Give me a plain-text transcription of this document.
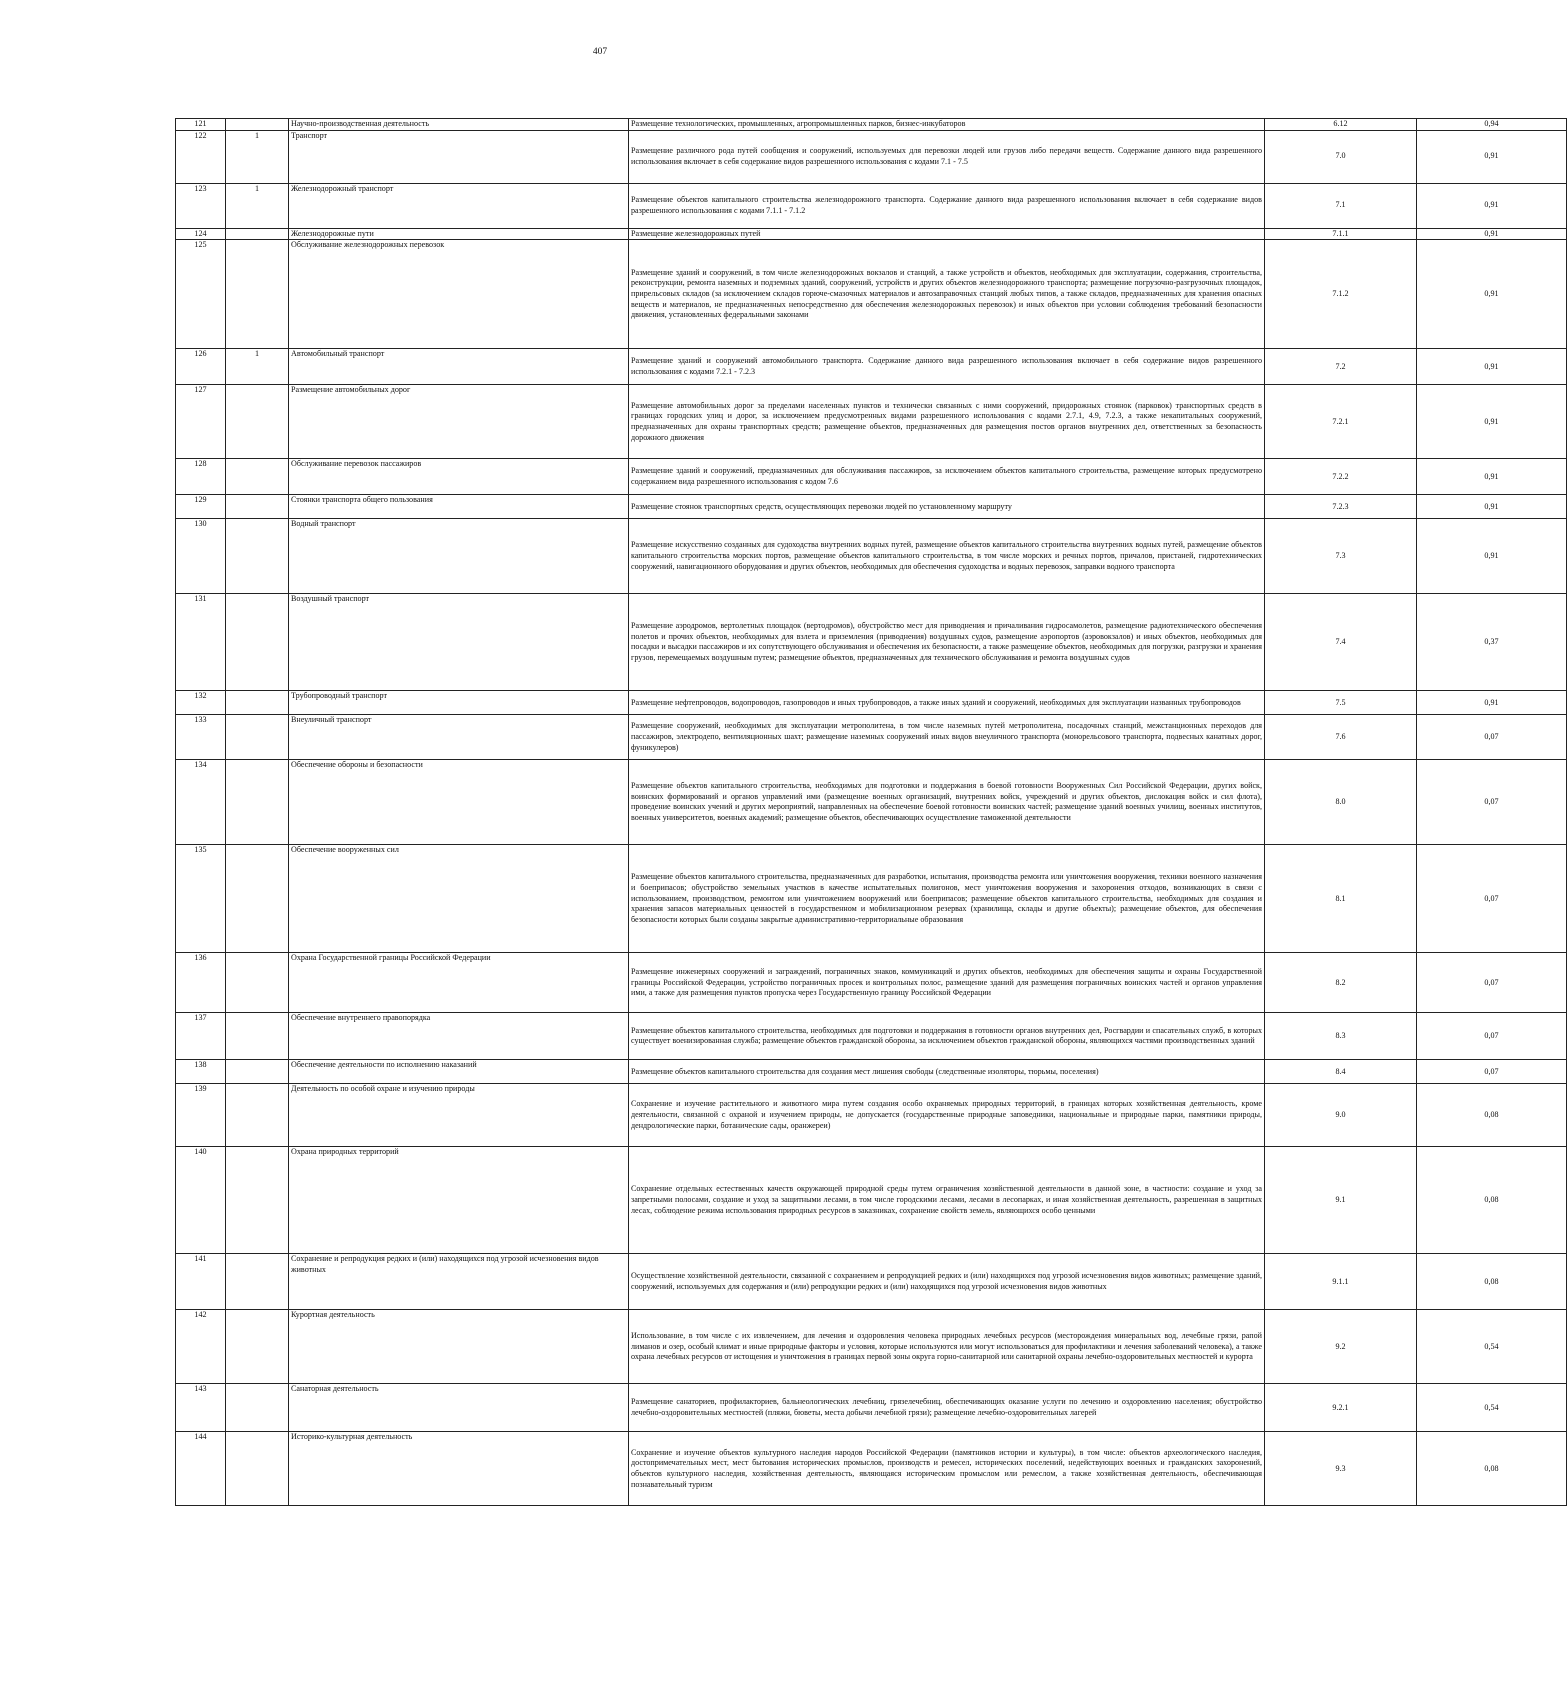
407
121		Научно-производственная деятельность	Размещение технологических, промышленных, агропромышленных парков, бизнес-инкубаторов	6.12	0,94
122	1	Транспорт	Размещение различного рода путей сообщения и сооружений, используемых для перевозки людей или грузов либо передачи веществ. Содержание данного вида разрешенного использования включает в себя содержание видов разрешенного использования с кодами 7.1 - 7.5	7.0	0,91
123	1	Железнодорожный транспорт	Размещение объектов капитального строительства железнодорожного транспорта. Содержание данного вида разрешенного использования включает в себя содержание видов разрешенного использования с кодами 7.1.1 - 7.1.2	7.1	0,91
124		Железнодорожные пути	Размещение железнодорожных путей	7.1.1	0,91
125		Обслуживание железнодорожных перевозок	Размещение зданий и сооружений, в том числе железнодорожных вокзалов и станций, а также устройств и объектов, необходимых для эксплуатации, содержания, строительства, реконструкции, ремонта наземных и подземных зданий, сооружений, устройств и других объектов железнодорожного транспорта; размещение погрузочно-разгрузочных площадок, прирельсовых складов (за исключением складов горюче-смазочных материалов и автозаправочных станций любых типов, а также складов, предназначенных для хранения опасных веществ и материалов, не предназначенных непосредственно для обеспечения железнодорожных перевозок) и иных объектов при условии соблюдения требований безопасности движения, установленных федеральными законами	7.1.2	0,91
126	1	Автомобильный транспорт	Размещение зданий и сооружений автомобильного транспорта. Содержание данного вида разрешенного использования включает в себя содержание видов разрешенного использования с кодами 7.2.1 - 7.2.3	7.2	0,91
127		Размещение автомобильных дорог	Размещение автомобильных дорог за пределами населенных пунктов и технически связанных с ними сооружений, придорожных стоянок (парковок) транспортных средств в границах городских улиц и дорог, за исключением предусмотренных видами разрешенного использования с кодами 2.7.1, 4.9, 7.2.3, а также некапитальных сооружений, предназначенных для охраны транспортных средств; размещение объектов, предназначенных для размещения постов органов внутренних дел, ответственных за безопасность дорожного движения	7.2.1	0,91
128		Обслуживание перевозок пассажиров	Размещение зданий и сооружений, предназначенных для обслуживания пассажиров, за исключением объектов капитального строительства, размещение которых предусмотрено содержанием вида разрешенного использования с кодом 7.6	7.2.2	0,91
129		Стоянки транспорта общего пользования	Размещение стоянок транспортных средств, осуществляющих перевозки людей по установленному маршруту	7.2.3	0,91
130		Водный транспорт	Размещение искусственно созданных для судоходства внутренних водных путей, размещение объектов капитального строительства внутренних водных путей, размещение объектов капитального строительства морских портов, размещение объектов капитального строительства, в том числе морских и речных портов, причалов, пристаней, гидротехнических сооружений, навигационного оборудования и других объектов, необходимых для обеспечения судоходства и водных перевозок, заправки водного транспорта	7.3	0,91
131		Воздушный транспорт	Размещение аэродромов, вертолетных площадок (вертодромов), обустройство мест для приводнения и причаливания гидросамолетов, размещение радиотехнического обеспечения полетов и прочих объектов, необходимых для взлета и приземления (приводнения) воздушных судов, размещение аэропортов (аэровокзалов) и иных объектов, необходимых для посадки и высадки пассажиров и их сопутствующего обслуживания и обеспечения их безопасности, а также размещение объектов, необходимых для погрузки, разгрузки и хранения грузов, перемещаемых воздушным путем; размещение объектов, предназначенных для технического обслуживания и ремонта воздушных судов	7.4	0,37
132		Трубопроводный транспорт	Размещение нефтепроводов, водопроводов, газопроводов и иных трубопроводов, а также иных зданий и сооружений, необходимых для эксплуатации названных трубопроводов	7.5	0,91
133		Внеуличный транспорт	Размещение сооружений, необходимых для эксплуатации метрополитена, в том числе наземных путей метрополитена, посадочных станций, межстанционных переходов для пассажиров, электродепо, вентиляционных шахт; размещение наземных сооружений иных видов внеуличного транспорта (монорельсового транспорта, подвесных канатных дорог, фуникулеров)	7.6	0,07
134		Обеспечение обороны и безопасности	Размещение объектов капитального строительства, необходимых для подготовки и поддержания в боевой готовности Вооруженных Сил Российской Федерации, других войск, воинских формирований и органов управлений ими (размещение военных организаций, внутренних войск, учреждений и других объектов, дислокация войск и сил флота), проведение воинских учений и других мероприятий, направленных на обеспечение боевой готовности воинских частей; размещение зданий военных училищ, военных институтов, военных университетов, военных академий; размещение объектов, обеспечивающих осуществление таможенной деятельности	8.0	0,07
135		Обеспечение вооруженных сил	Размещение объектов капитального строительства, предназначенных для разработки, испытания, производства ремонта или уничтожения вооружения, техники военного назначения и боеприпасов; обустройство земельных участков в качестве испытательных полигонов, мест уничтожения вооружения и захоронения отходов, возникающих в связи с использованием, производством, ремонтом или уничтожением вооружений или боеприпасов; размещение объектов капитального строительства, необходимых для создания и хранения запасов материальных ценностей в государственном и мобилизационном резервах (хранилища, склады и другие объекты); размещение объектов, для обеспечения безопасности которых были созданы закрытые административно-территориальные образования	8.1	0,07
136		Охрана Государственной границы Российской Федерации	Размещение инженерных сооружений и заграждений, пограничных знаков, коммуникаций и других объектов, необходимых для обеспечения защиты и охраны Государственной границы Российской Федерации, устройство пограничных просек и контрольных полос, размещение зданий для размещения пограничных воинских частей и органов управления ими, а также для размещения пунктов пропуска через Государственную границу Российской Федерации	8.2	0,07
137		Обеспечение внутреннего правопорядка	Размещение объектов капитального строительства, необходимых для подготовки и поддержания в готовности органов внутренних дел, Росгвардии и спасательных служб, в которых существует военизированная служба; размещение объектов гражданской обороны, за исключением объектов гражданской обороны, являющихся частями производственных зданий	8.3	0,07
138		Обеспечение деятельности по исполнению наказаний	Размещение объектов капитального строительства для создания мест лишения свободы (следственные изоляторы, тюрьмы, поселения)	8.4	0,07
139		Деятельность по особой охране и изучению природы	Сохранение и изучение растительного и животного мира путем создания особо охраняемых природных территорий, в границах которых хозяйственная деятельность, кроме деятельности, связанной с охраной и изучением природы, не допускается (государственные природные заповедники, национальные и природные парки, памятники природы, дендрологические парки, ботанические сады, оранжереи)	9.0	0,08
140		Охрана природных территорий	Сохранение отдельных естественных качеств окружающей природной среды путем ограничения хозяйственной деятельности в данной зоне, в частности: создание и уход за запретными полосами, создание и уход за защитными лесами, в том числе городскими лесами, лесами в лесопарках, и иная хозяйственная деятельность, разрешенная в защитных лесах, соблюдение режима использования природных ресурсов в заказниках, сохранение свойств земель, являющихся особо ценными	9.1	0,08
141		Сохранение и репродукция редких и (или) находящихся под угрозой исчезновения видов животных	Осуществление хозяйственной деятельности, связанной с сохранением и репродукцией редких и (или) находящихся под угрозой исчезновения видов животных; размещение зданий, сооружений, используемых для содержания и (или) репродукции редких и (или) находящихся под угрозой исчезновения видов животных	9.1.1	0,08
142		Курортная деятельность	Использование, в том числе с их извлечением, для лечения и оздоровления человека природных лечебных ресурсов (месторождения минеральных вод, лечебные грязи, рапой лиманов и озер, особый климат и иные природные факторы и условия, которые используются или могут использоваться для профилактики и лечения заболеваний человека), а также охрана лечебных ресурсов от истощения и уничтожения в границах первой зоны округа горно-санитарной или санитарной охраны лечебно-оздоровительных местностей и курорта	9.2	0,54
143		Санаторная деятельность	Размещение санаториев, профилакториев, бальнеологических лечебниц, грязелечебниц, обеспечивающих оказание услуги по лечению и оздоровлению населения; обустройство лечебно-оздоровительных местностей (пляжи, бюветы, места добычи лечебной грязи); размещение лечебно-оздоровительных лагерей	9.2.1	0,54
144		Историко-культурная деятельность	Сохранение и изучение объектов культурного наследия народов Российской Федерации (памятников истории и культуры), в том числе: объектов археологического наследия, достопримечательных мест, мест бытования исторических промыслов, производств и ремесел, исторических поселений, недействующих военных и гражданских захоронений, объектов культурного наследия, хозяйственная деятельность, являющаяся историческим промыслом или ремеслом, а также хозяйственная деятельность, обеспечивающая познавательный туризм	9.3	0,08
